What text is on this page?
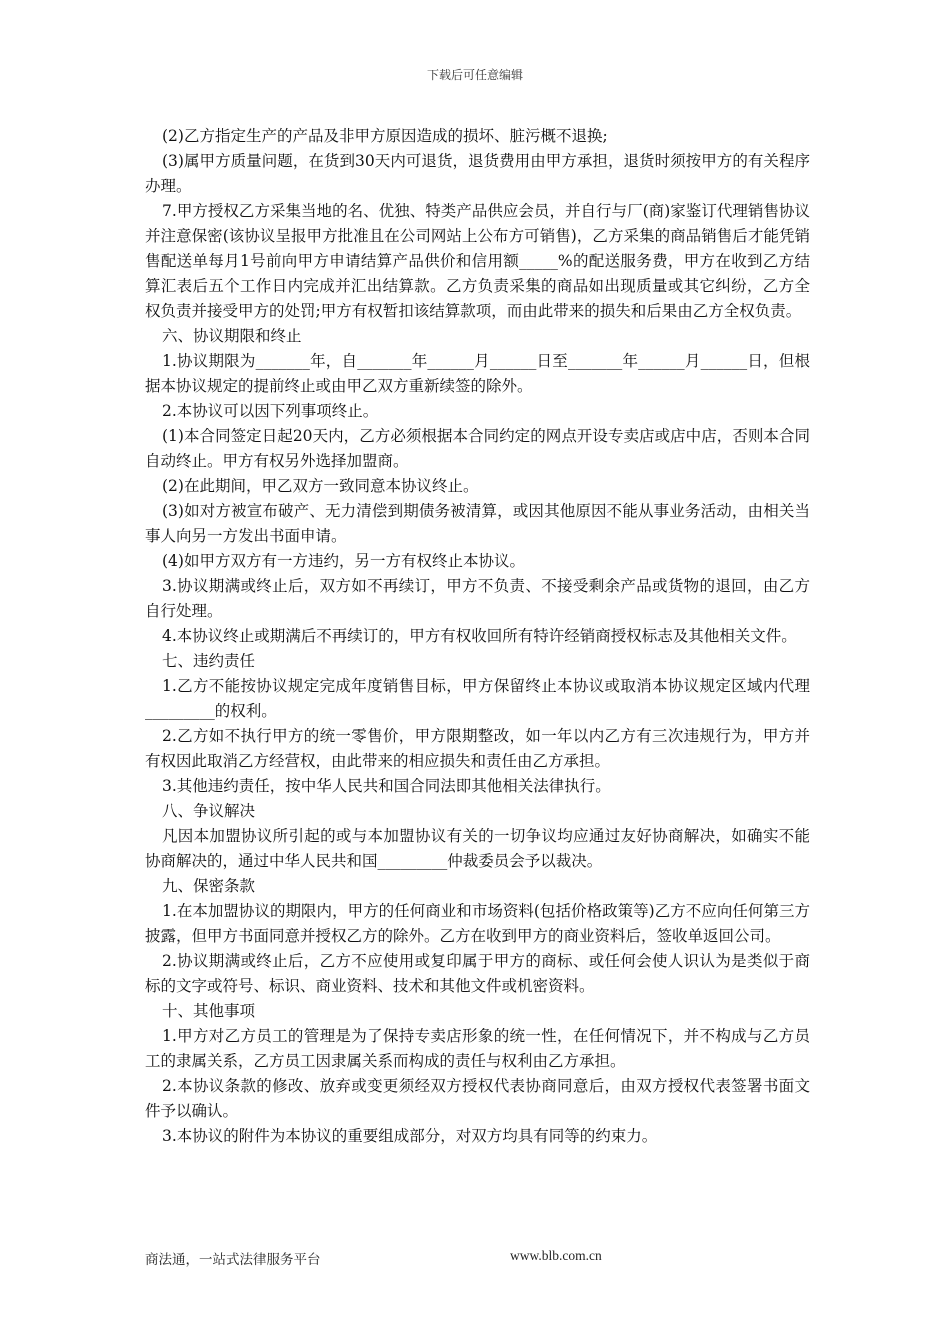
下载后可任意编辑

(2)乙方指定生产的产品及非甲方原因造成的损坏、脏污概不退换;

(3)属甲方质量问题，在货到30天内可退货，退货费用由甲方承担，退货时须按甲方的有关程序办理。

7.甲方授权乙方采集当地的名、优独、特类产品供应会员，并自行与厂(商)家鉴订代理销售协议并注意保密(该协议呈报甲方批准且在公司网站上公布方可销售)，乙方采集的商品销售后才能凭销售配送单每月1号前向甲方申请结算产品供价和信用额_____%的配送服务费，甲方在收到乙方结算汇表后五个工作日内完成并汇出结算款。乙方负责采集的商品如出现质量或其它纠纷，乙方全权负责并接受甲方的处罚;甲方有权暂扣该结算款项，而由此带来的损失和后果由乙方全权负责。

六、协议期限和终止

1.协议期限为_______年，自_______年______月______日至_______年______月______日，但根据本协议规定的提前终止或由甲乙双方重新续签的除外。

2.本协议可以因下列事项终止。

(1)本合同签定日起20天内，乙方必须根据本合同约定的网点开设专卖店或店中店，否则本合同自动终止。甲方有权另外选择加盟商。

(2)在此期间，甲乙双方一致同意本协议终止。

(3)如对方被宣布破产、无力清偿到期债务被清算，或因其他原因不能从事业务活动，由相关当事人向另一方发出书面申请。

(4)如甲方双方有一方违约，另一方有权终止本协议。

3.协议期满或终止后，双方如不再续订，甲方不负责、不接受剩余产品或货物的退回，由乙方自行处理。

4.本协议终止或期满后不再续订的，甲方有权收回所有特许经销商授权标志及其他相关文件。

七、违约责任

1.乙方不能按协议规定完成年度销售目标，甲方保留终止本协议或取消本协议规定区域内代理_________的权利。

2.乙方如不执行甲方的统一零售价，甲方限期整改，如一年以内乙方有三次违规行为，甲方并有权因此取消乙方经营权，由此带来的相应损失和责任由乙方承担。

3.其他违约责任，按中华人民共和国合同法即其他相关法律执行。

八、争议解决

凡因本加盟协议所引起的或与本加盟协议有关的一切争议均应通过友好协商解决，如确实不能协商解决的，通过中华人民共和国_________仲裁委员会予以裁决。

九、保密条款

1.在本加盟协议的期限内，甲方的任何商业和市场资料(包括价格政策等)乙方不应向任何第三方披露，但甲方书面同意并授权乙方的除外。乙方在收到甲方的商业资料后，签收单返回公司。

2.协议期满或终止后，乙方不应使用或复印属于甲方的商标、或任何会使人识认为是类似于商标的文字或符号、标识、商业资料、技术和其他文件或机密资料。

十、其他事项

1.甲方对乙方员工的管理是为了保持专卖店形象的统一性，在任何情况下，并不构成与乙方员工的隶属关系，乙方员工因隶属关系而构成的责任与权利由乙方承担。

2.本协议条款的修改、放弃或变更须经双方授权代表协商同意后，由双方授权代表签署书面文件予以确认。

3.本协议的附件为本协议的重要组成部分，对双方均具有同等的约束力。

商法通，一站式法律服务平台	www.blb.com.cn
